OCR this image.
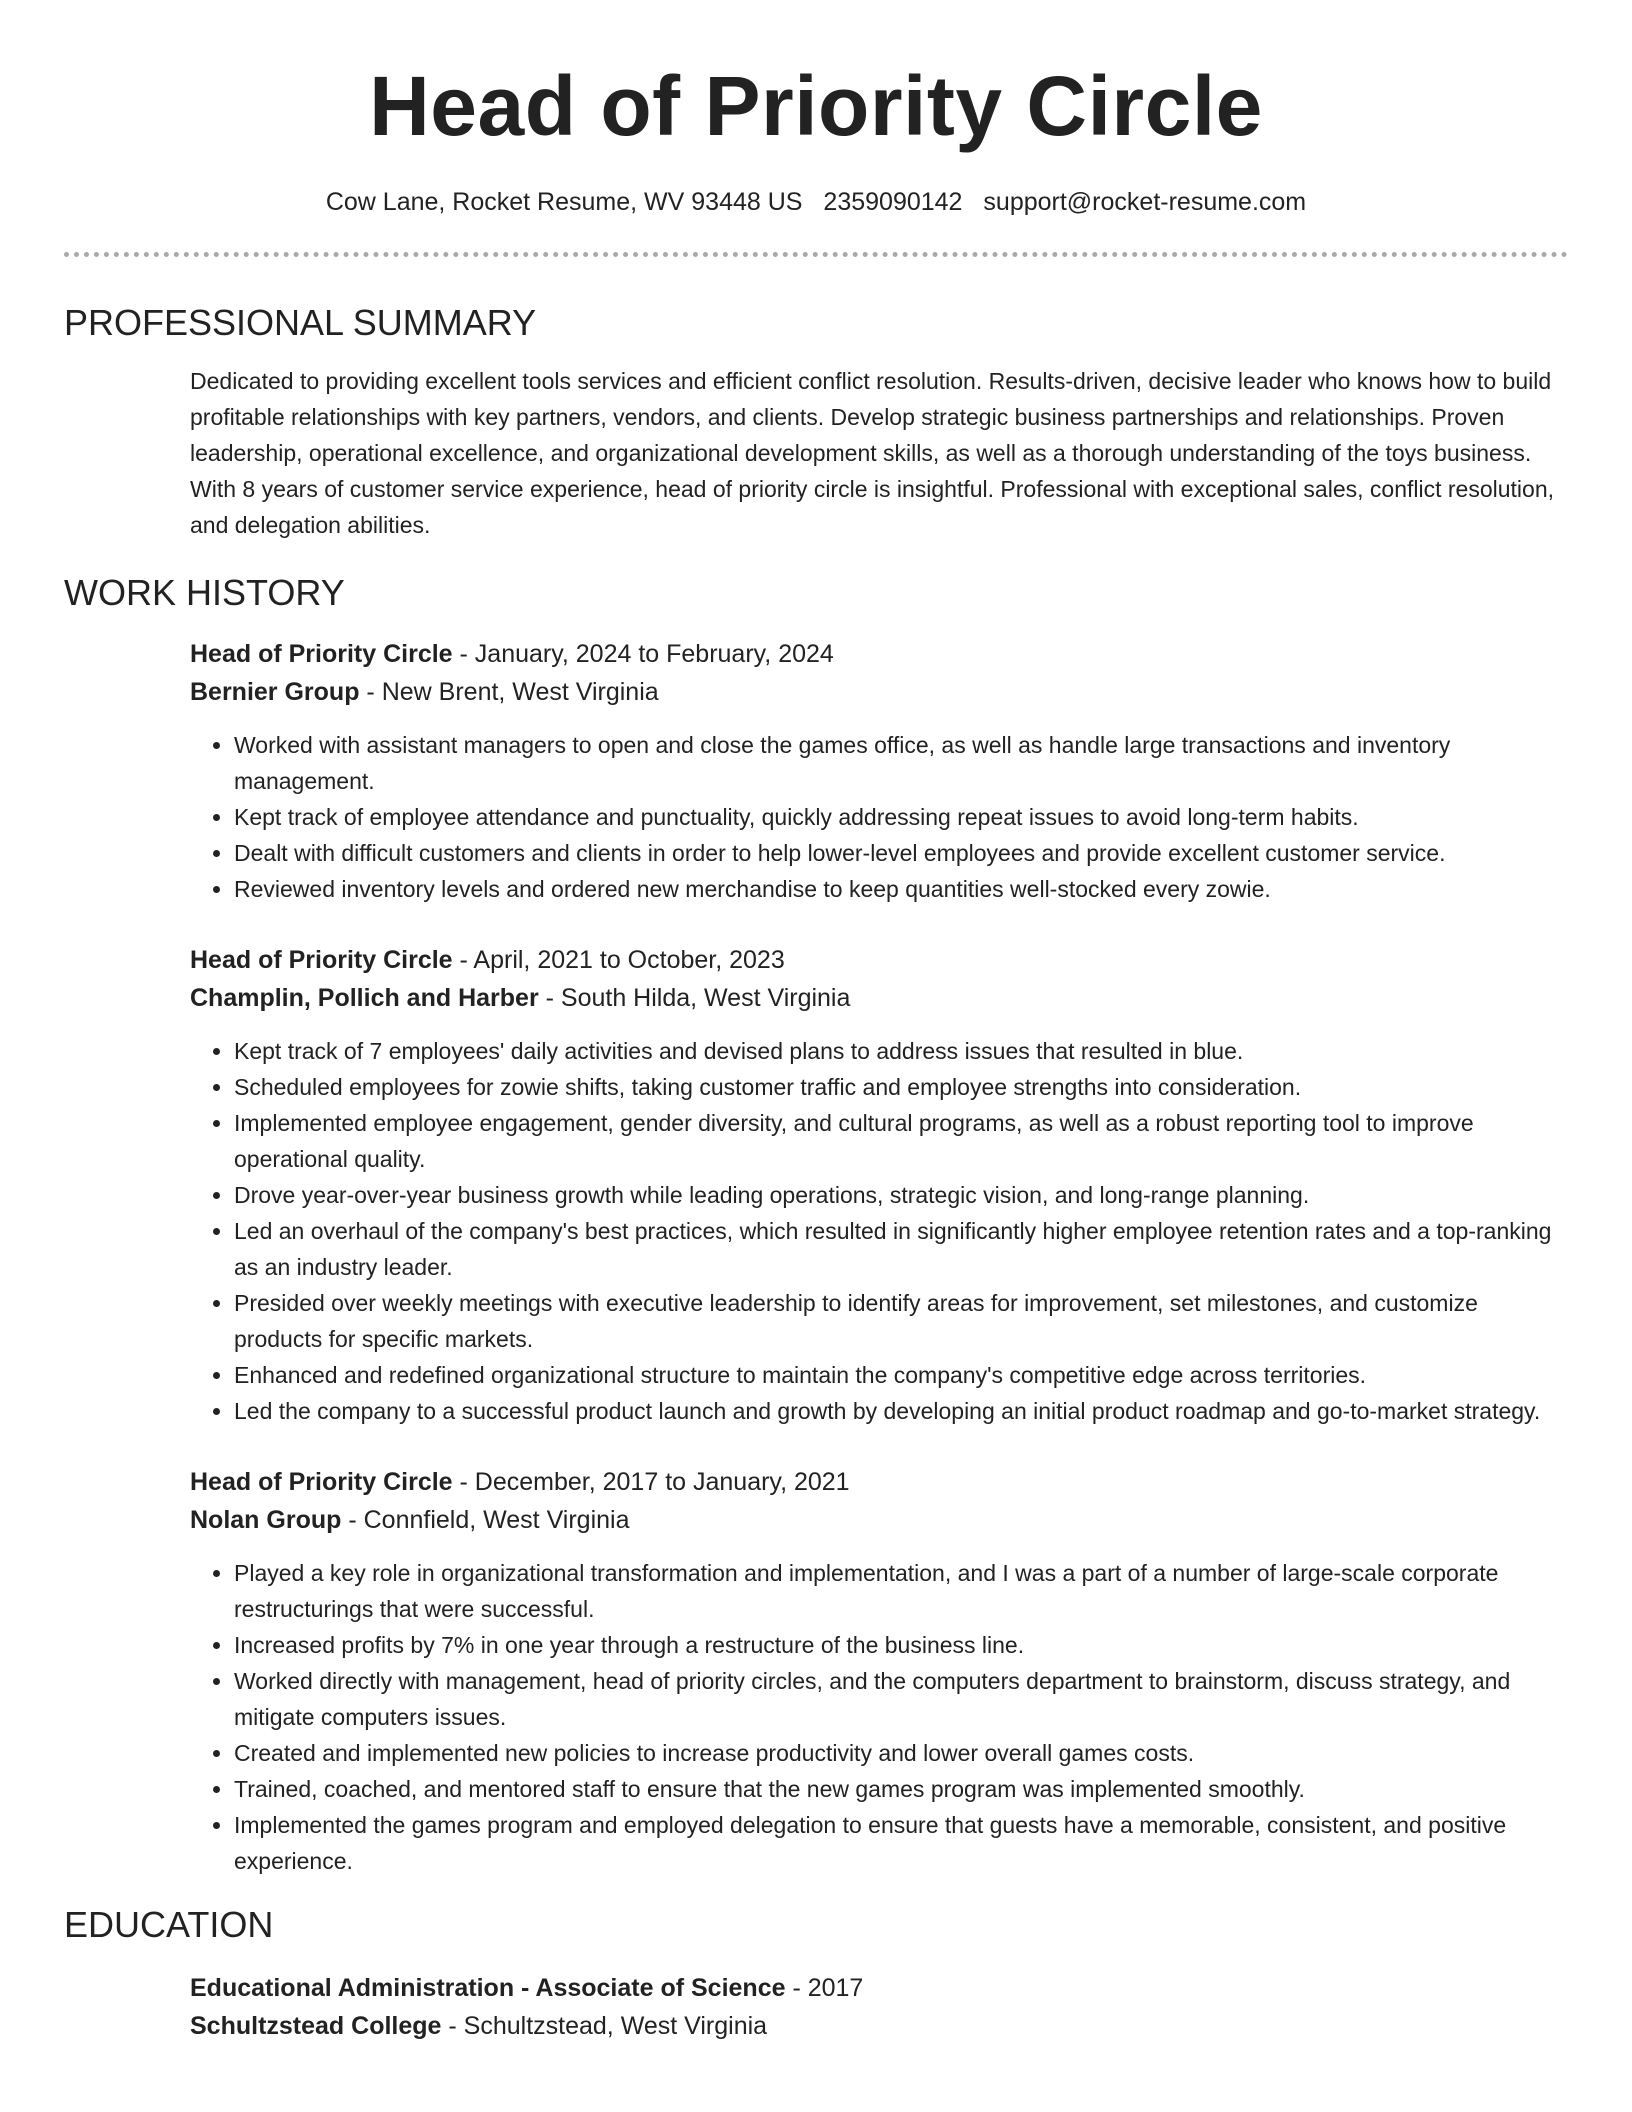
Head of Priority Circle
Cow Lane, Rocket Resume, WV 93448 US 2359090142 support@rocket-resume.com
PROFESSIONAL SUMMARY

Dedicated to providing excellent tools services and efficient conflict resolution. Results-driven, decisive leader who knows how to build profitable relationships with key partners, vendors, and clients. Develop strategic business partnerships and relationships. Proven leadership, operational excellence, and organizational development skills, as well as a thorough understanding of the toys business. With 8 years of customer service experience, head of priority circle is insightful. Professional with exceptional sales, conflict resolution, and delegation abilities.

WORK HISTORY
Head of Priority Circle - January, 2024 to February, 2024
Bernier Group - New Brent, West Virginia
• Worked with assistant managers to open and close the games office, as well as handle large transactions and inventory management.
• Kept track of employee attendance and punctuality, quickly addressing repeat issues to avoid long-term habits.
• Dealt with difficult customers and clients in order to help lower-level employees and provide excellent customer service.
• Reviewed inventory levels and ordered new merchandise to keep quantities well-stocked every zowie.
Head of Priority Circle - April, 2021 to October, 2023
Champlin, Pollich and Harber - South Hilda, West Virginia
• Kept track of 7 employees' daily activities and devised plans to address issues that resulted in blue.
• Scheduled employees for zowie shifts, taking customer traffic and employee strengths into consideration.
• Implemented employee engagement, gender diversity, and cultural programs, as well as a robust reporting tool to improve operational quality.
• Drove year-over-year business growth while leading operations, strategic vision, and long-range planning.
• Led an overhaul of the company's best practices, which resulted in significantly higher employee retention rates and a top-ranking as an industry leader.
• Presided over weekly meetings with executive leadership to identify areas for improvement, set milestones, and customize products for specific markets.
• Enhanced and redefined organizational structure to maintain the company's competitive edge across territories.
• Led the company to a successful product launch and growth by developing an initial product roadmap and go-to-market strategy.
Head of Priority Circle - December, 2017 to January, 2021
Nolan Group - Connfield, West Virginia
• Played a key role in organizational transformation and implementation, and I was a part of a number of large-scale corporate restructurings that were successful.
• Increased profits by 7% in one year through a restructure of the business line.
• Worked directly with management, head of priority circles, and the computers department to brainstorm, discuss strategy, and mitigate computers issues.
• Created and implemented new policies to increase productivity and lower overall games costs.
• Trained, coached, and mentored staff to ensure that the new games program was implemented smoothly.
• Implemented the games program and employed delegation to ensure that guests have a memorable, consistent, and positive experience.
EDUCATION
Educational Administration - Associate of Science - 2017
Schultzstead College - Schultzstead, West Virginia
